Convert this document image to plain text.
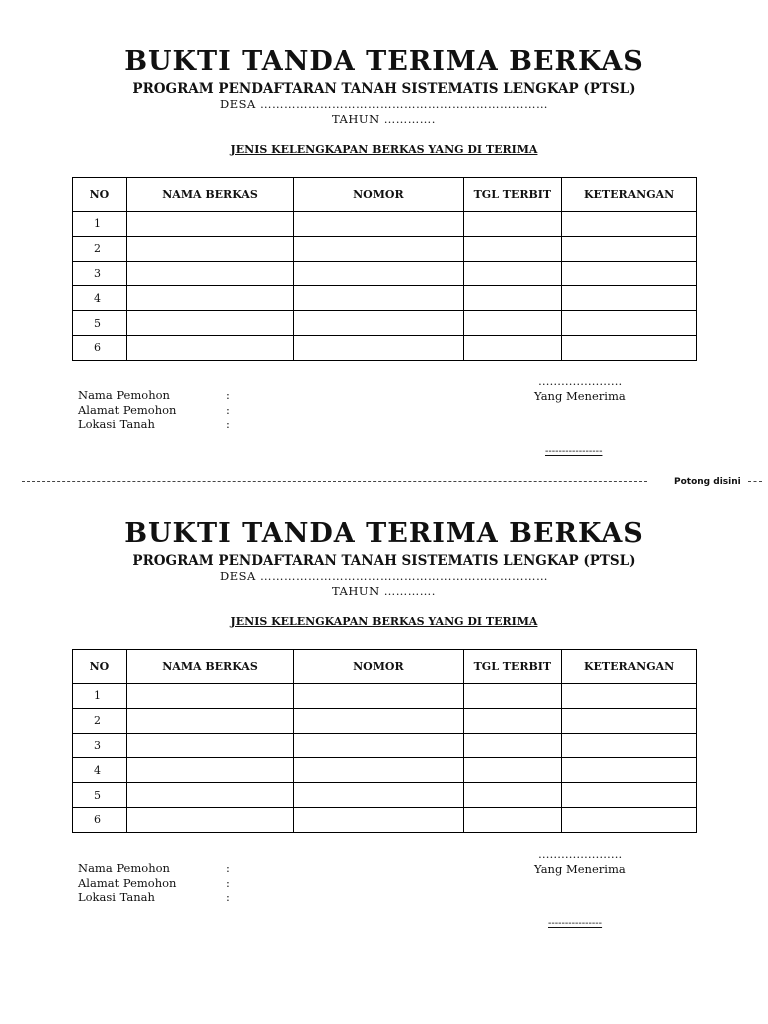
BUKTI TANDA TERIMA BERKAS
PROGRAM PENDAFTARAN TANAH SISTEMATIS LENGKAP (PTSL)
DESA ………………………………………………………………
TAHUN ………….
JENIS KELENGKAPAN BERKAS YANG DI TERIMA
NO	NAMA BERKAS	NOMOR	TGL TERBIT	KETERANGAN
1				
2				
3				
4				
5				
6				
Nama Pemohon	:
Alamat Pemohon	:
Lokasi Tanah	:
………………….
Yang Menerima
-----------------
Potong disini
BUKTI TANDA TERIMA BERKAS
PROGRAM PENDAFTARAN TANAH SISTEMATIS LENGKAP (PTSL)
DESA ………………………………………………………………
TAHUN ………….
JENIS KELENGKAPAN BERKAS YANG DI TERIMA
NO	NAMA BERKAS	NOMOR	TGL TERBIT	KETERANGAN
1				
2				
3				
4				
5				
6				
Nama Pemohon	:
Alamat Pemohon	:
Lokasi Tanah	:
………………….
Yang Menerima
----------------
